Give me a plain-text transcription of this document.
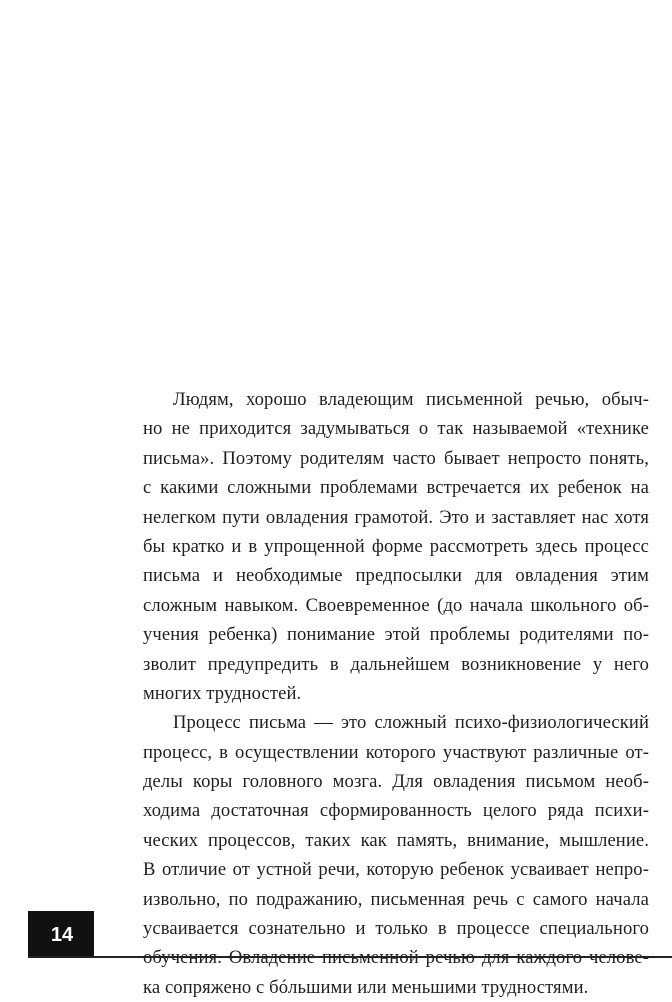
Людям, хорошо владеющим письменной речью, обыч-
но не приходится задумываться о так называемой «технике
письма». Поэтому родителям часто бывает непросто понять,
с какими сложными проблемами встречается их ребенок на
нелегком пути овладения грамотой. Это и заставляет нас хотя
бы кратко и в упрощенной форме рассмотреть здесь процесс
письма и необходимые предпосылки для овладения этим
сложным навыком. Своевременное (до начала школьного об-
учения ребенка) понимание этой проблемы родителями по-
зволит предупредить в дальнейшем возникновение у него
многих трудностей.
Процесс письма — это сложный психо-физиологический
процесс, в осуществлении которого участвуют различные от-
делы коры головного мозга. Для овладения письмом необ-
ходима достаточная сформированность целого ряда психи-
ческих процессов, таких как память, внимание, мышление.
В отличие от устной речи, которую ребенок усваивает непро-
извольно, по подражанию, письменная речь с самого начала
усваивается сознательно и только в процессе специального
ка сопряжено с бóльшими или меньшими трудностями.
14
